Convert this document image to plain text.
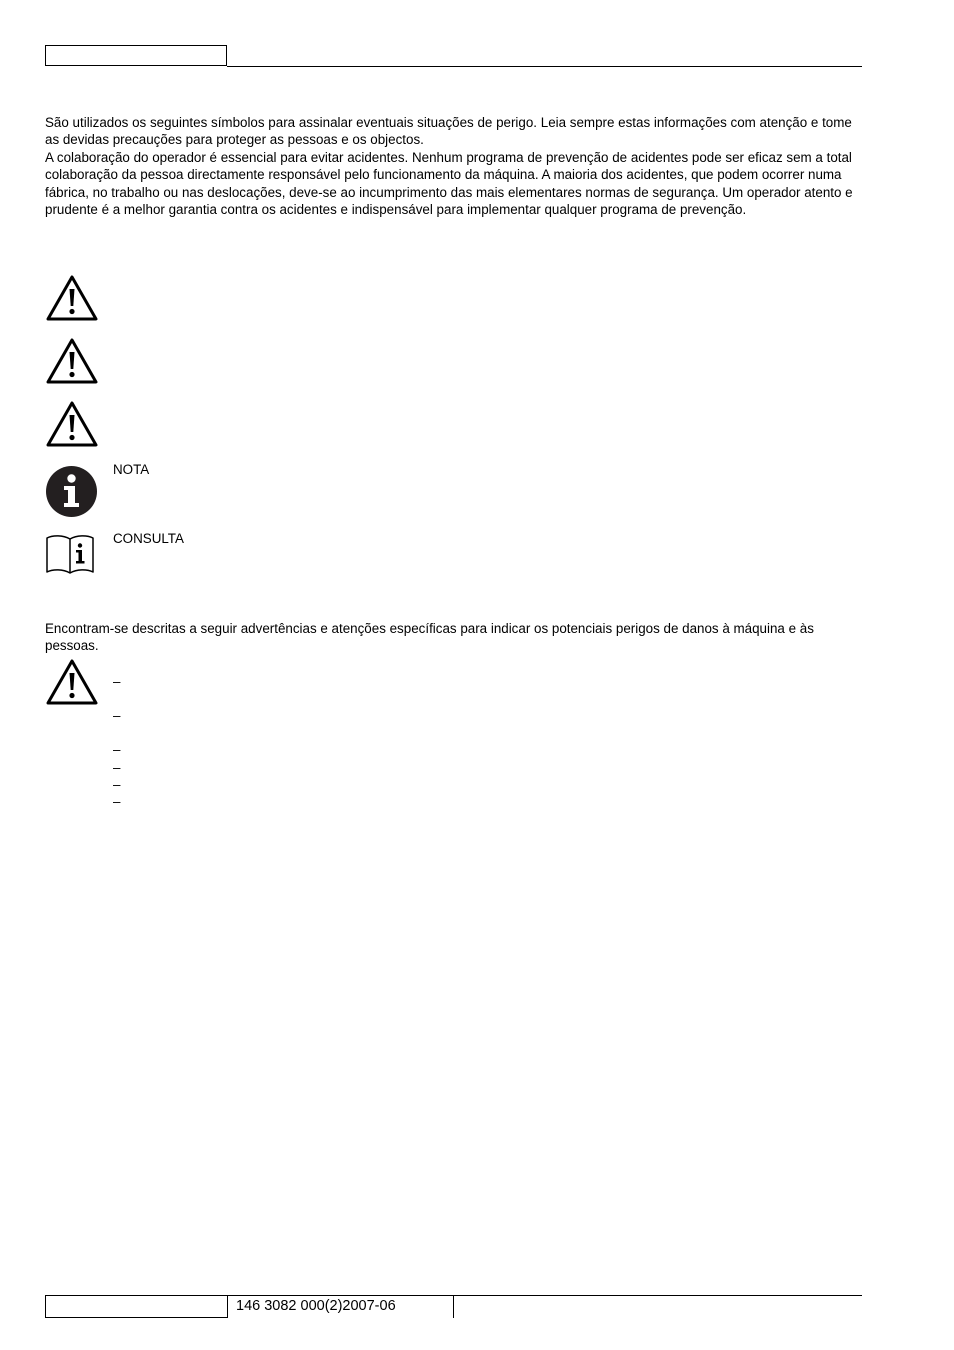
São utilizados os seguintes símbolos para assinalar eventuais situações de perigo. Leia sempre estas informações com atenção e tome as devidas precauções para proteger as pessoas e os objectos.

A colaboração do operador é essencial para evitar acidentes. Nenhum programa de prevenção de acidentes pode ser eficaz sem a total colaboração da pessoa directamente responsável pelo funcionamento da máquina. A maioria dos acidentes, que podem ocorrer numa fábrica, no trabalho ou nas deslocações, deve-se ao incumprimento das mais elementares normas de segurança. Um operador atento e prudente é a melhor garantia contra os acidentes e indispensável para implementar qualquer programa de prevenção.

NOTA
CONSULTA
Encontram-se descritas a seguir advertências e atenções específicas para indicar os potenciais perigos de danos à máquina e às pessoas.
–
–
–
–
–
–
146 3082 000(2)2007-06
